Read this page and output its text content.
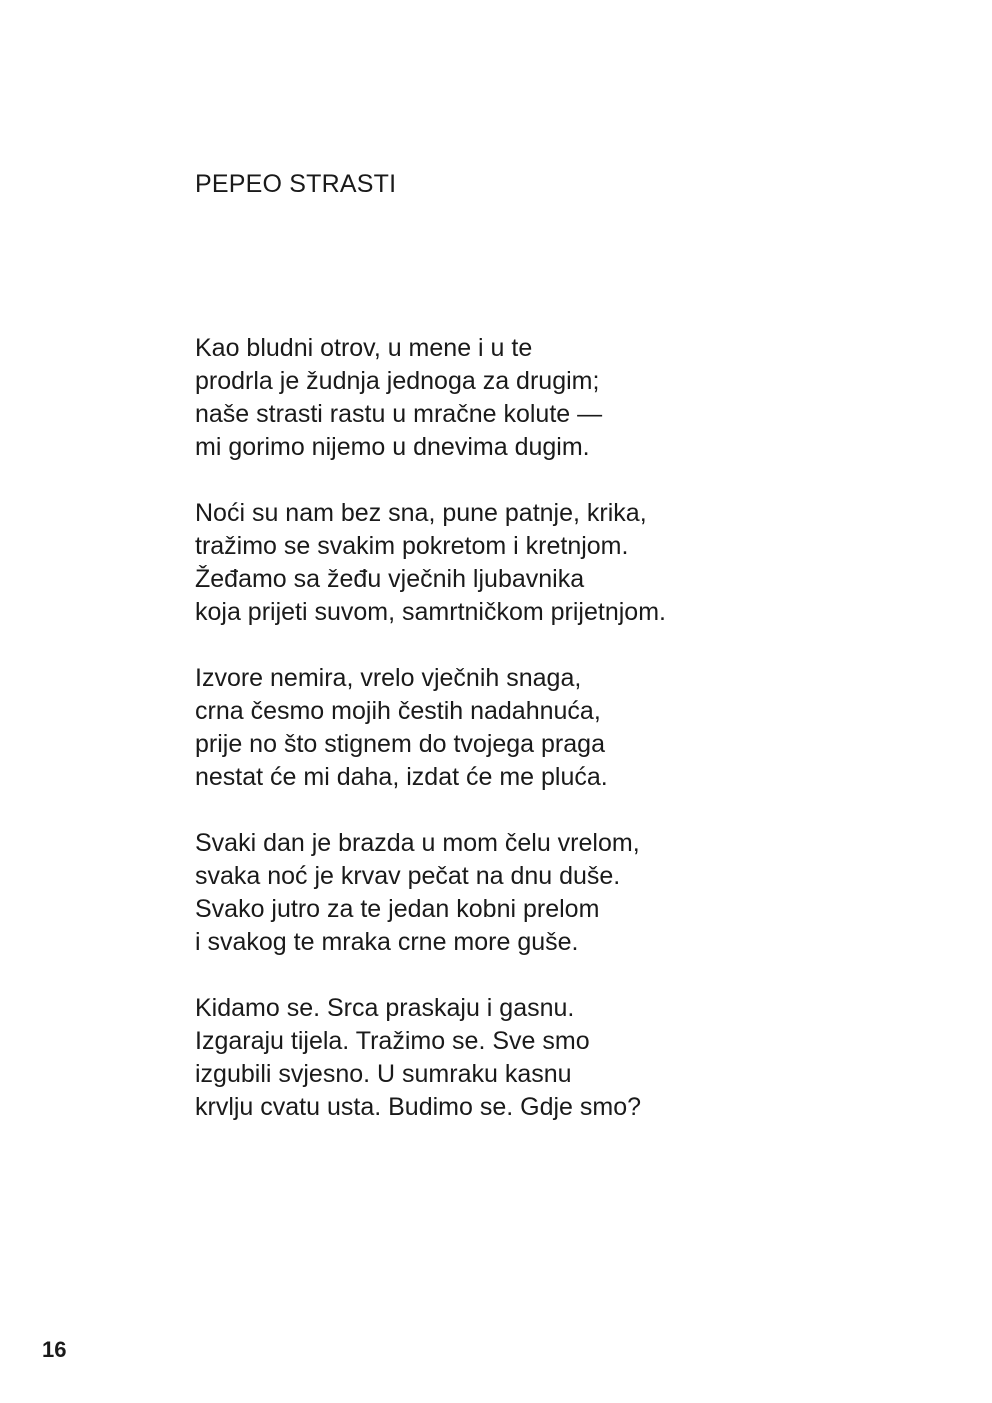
PEPEO STRASTI
Kao bludni otrov, u mene i u te
prodrla je žudnja jednoga za drugim;
naše strasti rastu u mračne kolute —
mi gorimo nijemo u dnevima dugim.
Noći su nam bez sna, pune patnje, krika,
tražimo se svakim pokretom i kretnjom.
Žeđamo sa žeđu vječnih ljubavnika
koja prijeti suvom, samrtničkom prijetnjom.
Izvore nemira, vrelo vječnih snaga,
crna česmo mojih čestih nadahnuća,
prije no što stignem do tvojega praga
nestat će mi daha, izdat će me pluća.
Svaki dan je brazda u mom čelu vrelom,
svaka noć je krvav pečat na dnu duše.
Svako jutro za te jedan kobni prelom
i svakog te mraka crne more guše.
Kidamo se. Srca praskaju i gasnu.
Izgaraju tijela. Tražimo se. Sve smo
izgubili svjesno. U sumraku kasnu
krvlju cvatu usta. Budimo se. Gdje smo?
16
